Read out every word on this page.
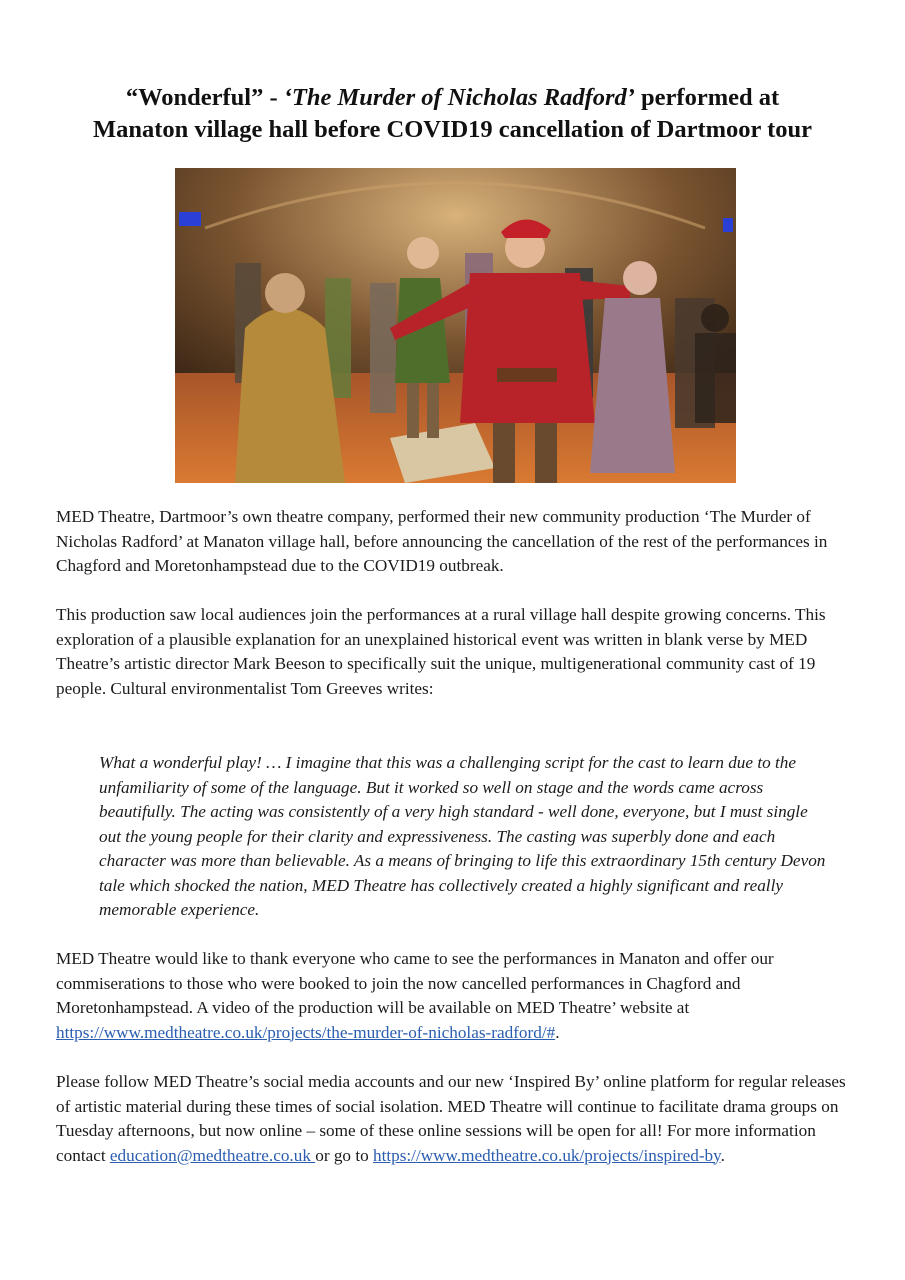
“Wonderful” - ‘The Murder of Nicholas Radford’ performed at
Manaton village hall before COVID19 cancellation of Dartmoor tour

MED Theatre, Dartmoor’s own theatre company, performed their new community production ‘The Murder of Nicholas Radford’ at Manaton village hall, before announcing the cancellation of the rest of the performances in Chagford and Moretonhampstead due to the COVID19 outbreak.

This production saw local audiences join the performances at a rural village hall despite growing concerns. This exploration of a plausible explanation for an unexplained historical event was written in blank verse by MED Theatre’s artistic director Mark Beeson to specifically suit the unique, multigenerational community cast of 19 people. Cultural environmentalist Tom Greeves writes:

What a wonderful play! … I imagine that this was a challenging script for the cast to learn due to the unfamiliarity of some of the language. But it worked so well on stage and the words came across beautifully. The acting was consistently of a very high standard - well done, everyone, but I must single out the young people for their clarity and expressiveness. The casting was superbly done and each character was more than believable. As a means of bringing to life this extraordinary 15th century Devon tale which shocked the nation, MED Theatre has collectively created a highly significant and really memorable experience.

MED Theatre would like to thank everyone who came to see the performances in Manaton and offer our commiserations to those who were booked to join the now cancelled performances in Chagford and Moretonhampstead. A video of the production will be available on MED Theatre’ website at https://www.medtheatre.co.uk/projects/the-murder-of-nicholas-radford/#.

Please follow MED Theatre’s social media accounts and our new ‘Inspired By’ online platform for regular releases of artistic material during these times of social isolation. MED Theatre will continue to facilitate drama groups on Tuesday afternoons, but now online – some of these online sessions will be open for all! For more information contact education@medtheatre.co.uk or go to https://www.medtheatre.co.uk/projects/inspired-by.
